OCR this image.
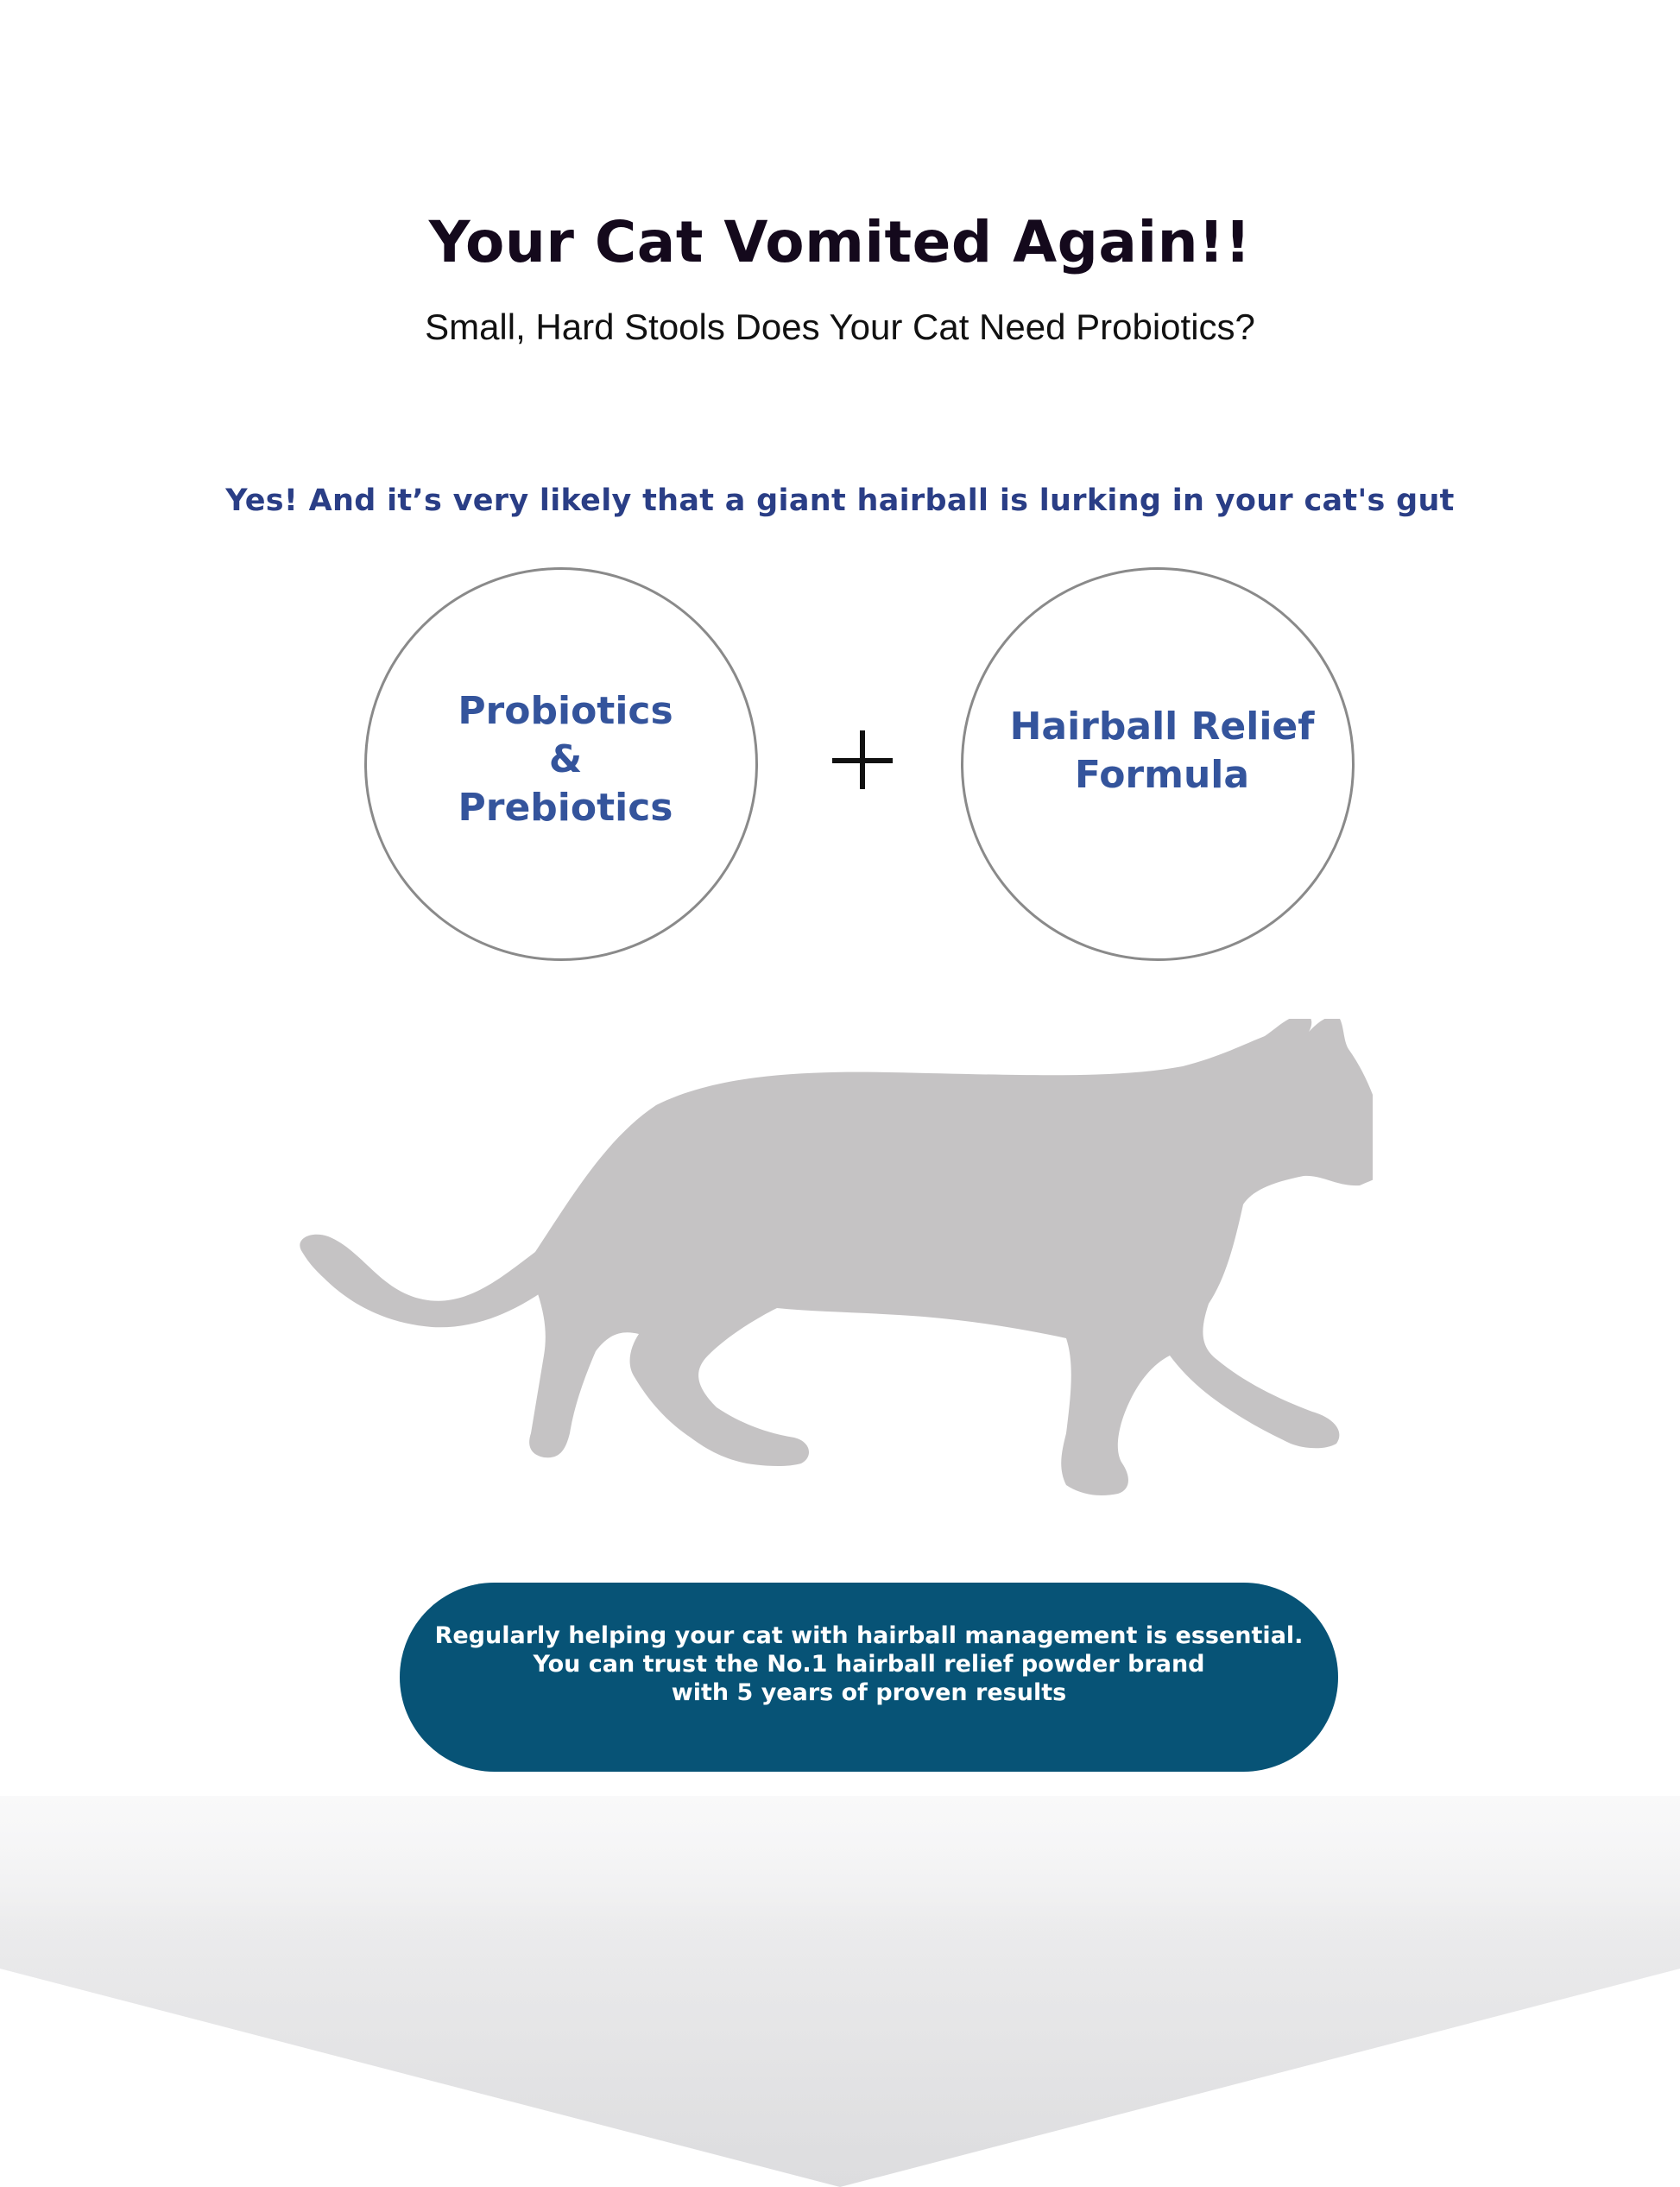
Your Cat Vomited Again!!
Small, Hard Stools Does Your Cat Need Probiotics?
Yes! And it’s very likely that a giant hairball is lurking in your cat's gut
Probiotics
&
Prebiotics
Hairball Relief
Formula
Regularly helping your cat with hairball management is essential.
You can trust the No.1 hairball relief powder brand
with 5 years of proven results
